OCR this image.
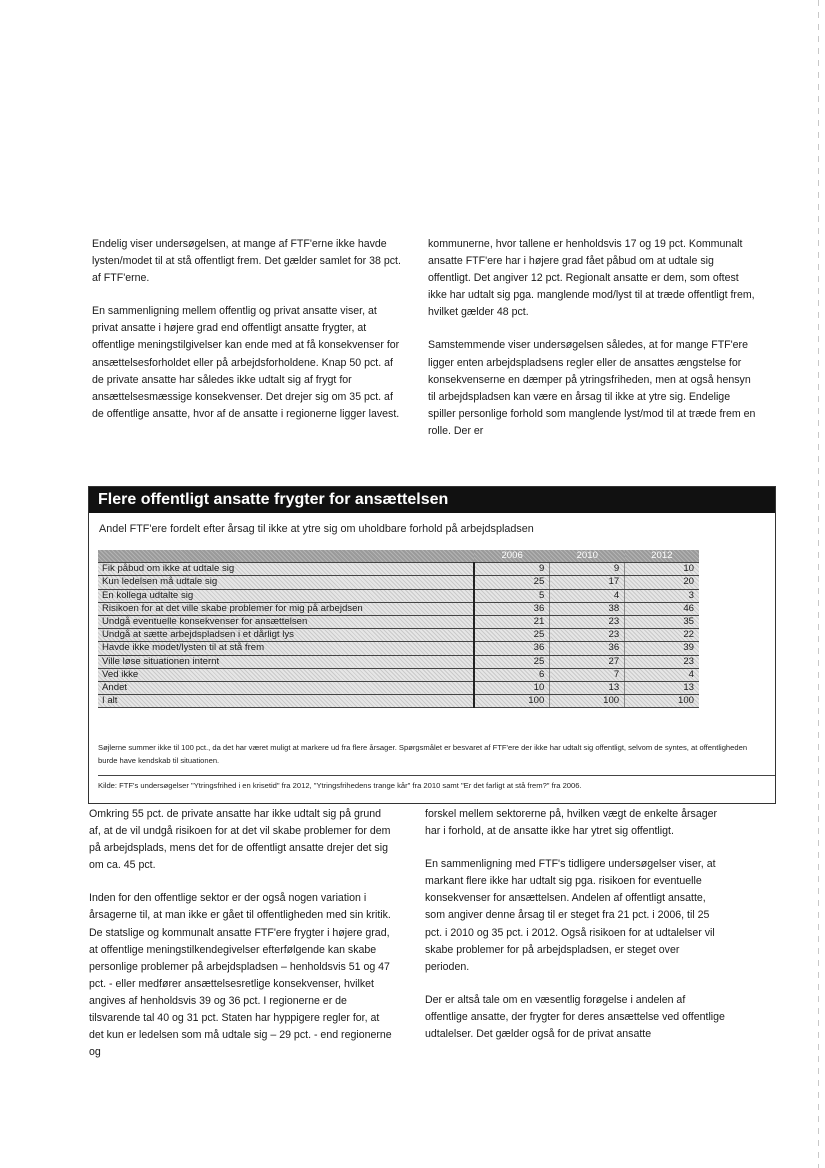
Endelig viser undersøgelsen, at mange af FTF'erne ikke havde lysten/modet til at stå offentligt frem. Det gælder samlet for 38 pct. af FTF'erne.

En sammenligning mellem offentlig og privat ansatte viser, at privat ansatte i højere grad end offentligt ansatte frygter, at offentlige meningstilgivelser kan ende med at få konsekvenser for ansættelsesforholdet eller på arbejdsforholdene. Knap 50 pct. af de private ansatte har således ikke udtalt sig af frygt for ansættelsesmæssige konsekvenser. Det drejer sig om 35 pct. af de offentlige ansatte, hvor af de ansatte i regionerne ligger lavest.

kommunerne, hvor tallene er henholdsvis 17 og 19 pct. Kommunalt ansatte FTF'ere har i højere grad fået påbud om at udtale sig offentligt. Det angiver 12 pct. Regionalt ansatte er dem, som oftest ikke har udtalt sig pga. manglende mod/lyst til at træde offentligt frem, hvilket gælder 48 pct.

Samstemmende viser undersøgelsen således, at for mange FTF'ere ligger enten arbejdspladsens regler eller de ansattes ængstelse for konsekvenserne en dæmper på ytringsfriheden, men at også hensyn til arbejdspladsen kan være en årsag til ikke at ytre sig. Endelige spiller personlige forhold som manglende lyst/mod til at træde frem en rolle. Der er

Flere offentligt ansatte frygter for ansættelsen
Andel FTF'ere fordelt efter årsag til ikke at ytre sig om uholdbare forhold på arbejdspladsen
	2006	2010	2012
Fik påbud om ikke at udtale sig	9	9	10
Kun ledelsen må udtale sig	25	17	20
En kollega udtalte sig	5	4	3
Risikoen for at det ville skabe problemer for mig på arbejdsen	36	38	46
Undgå eventuelle konsekvenser for ansættelsen	21	23	35
Undgå at sætte arbejdspladsen i et dårligt lys	25	23	22
Havde ikke modet/lysten til at stå frem	36	36	39
Ville løse situationen internt	25	27	23
Ved ikke	6	7	4
Andet	10	13	13
I alt	100	100	100
Søjlerne summer ikke til 100 pct., da det har været muligt at markere ud fra flere årsager. Spørgsmålet er besvaret af FTF'ere der ikke har udtalt sig offentligt, selvom de syntes, at offentligheden burde have kendskab til situationen.
Kilde: FTF's undersøgelser "Ytringsfrihed i en krisetid" fra 2012, "Ytringsfrihedens trange kår" fra 2010 samt "Er det farligt at stå frem?" fra 2006.

Omkring 55 pct. de private ansatte har ikke udtalt sig på grund af, at de vil undgå risikoen for at det vil skabe problemer for dem på arbejdsplads, mens det for de offentligt ansatte drejer det sig om ca. 45 pct.

Inden for den offentlige sektor er der også nogen variation i årsagerne til, at man ikke er gået til offentligheden med sin kritik. De statslige og kommunalt ansatte FTF'ere frygter i højere grad, at offentlige meningstilkendegivelser efterfølgende kan skabe personlige problemer på arbejdspladsen – henholdsvis 51 og 47 pct. - eller medfører ansættelsesretlige konsekvenser, hvilket angives af henholdsvis 39 og 36 pct. I regionerne er de tilsvarende tal 40 og 31 pct. Staten har hyppigere regler for, at det kun er ledelsen som må udtale sig – 29 pct. - end regionerne og

forskel mellem sektorerne på, hvilken vægt de enkelte årsager har i forhold, at de ansatte ikke har ytret sig offentligt.

En sammenligning med FTF's tidligere undersøgelser viser, at markant flere ikke har udtalt sig pga. risikoen for eventuelle konsekvenser for ansættelsen. Andelen af offentligt ansatte, som angiver denne årsag til er steget fra 21 pct. i 2006, til 25 pct. i 2010 og 35 pct. i 2012. Også risikoen for at udtalelser vil skabe problemer for på arbejdspladsen, er steget over perioden.

Der er altså tale om en væsentlig forøgelse i andelen af offentlige ansatte, der frygter for deres ansættelse ved offentlige udtalelser. Det gælder også for de privat ansatte
